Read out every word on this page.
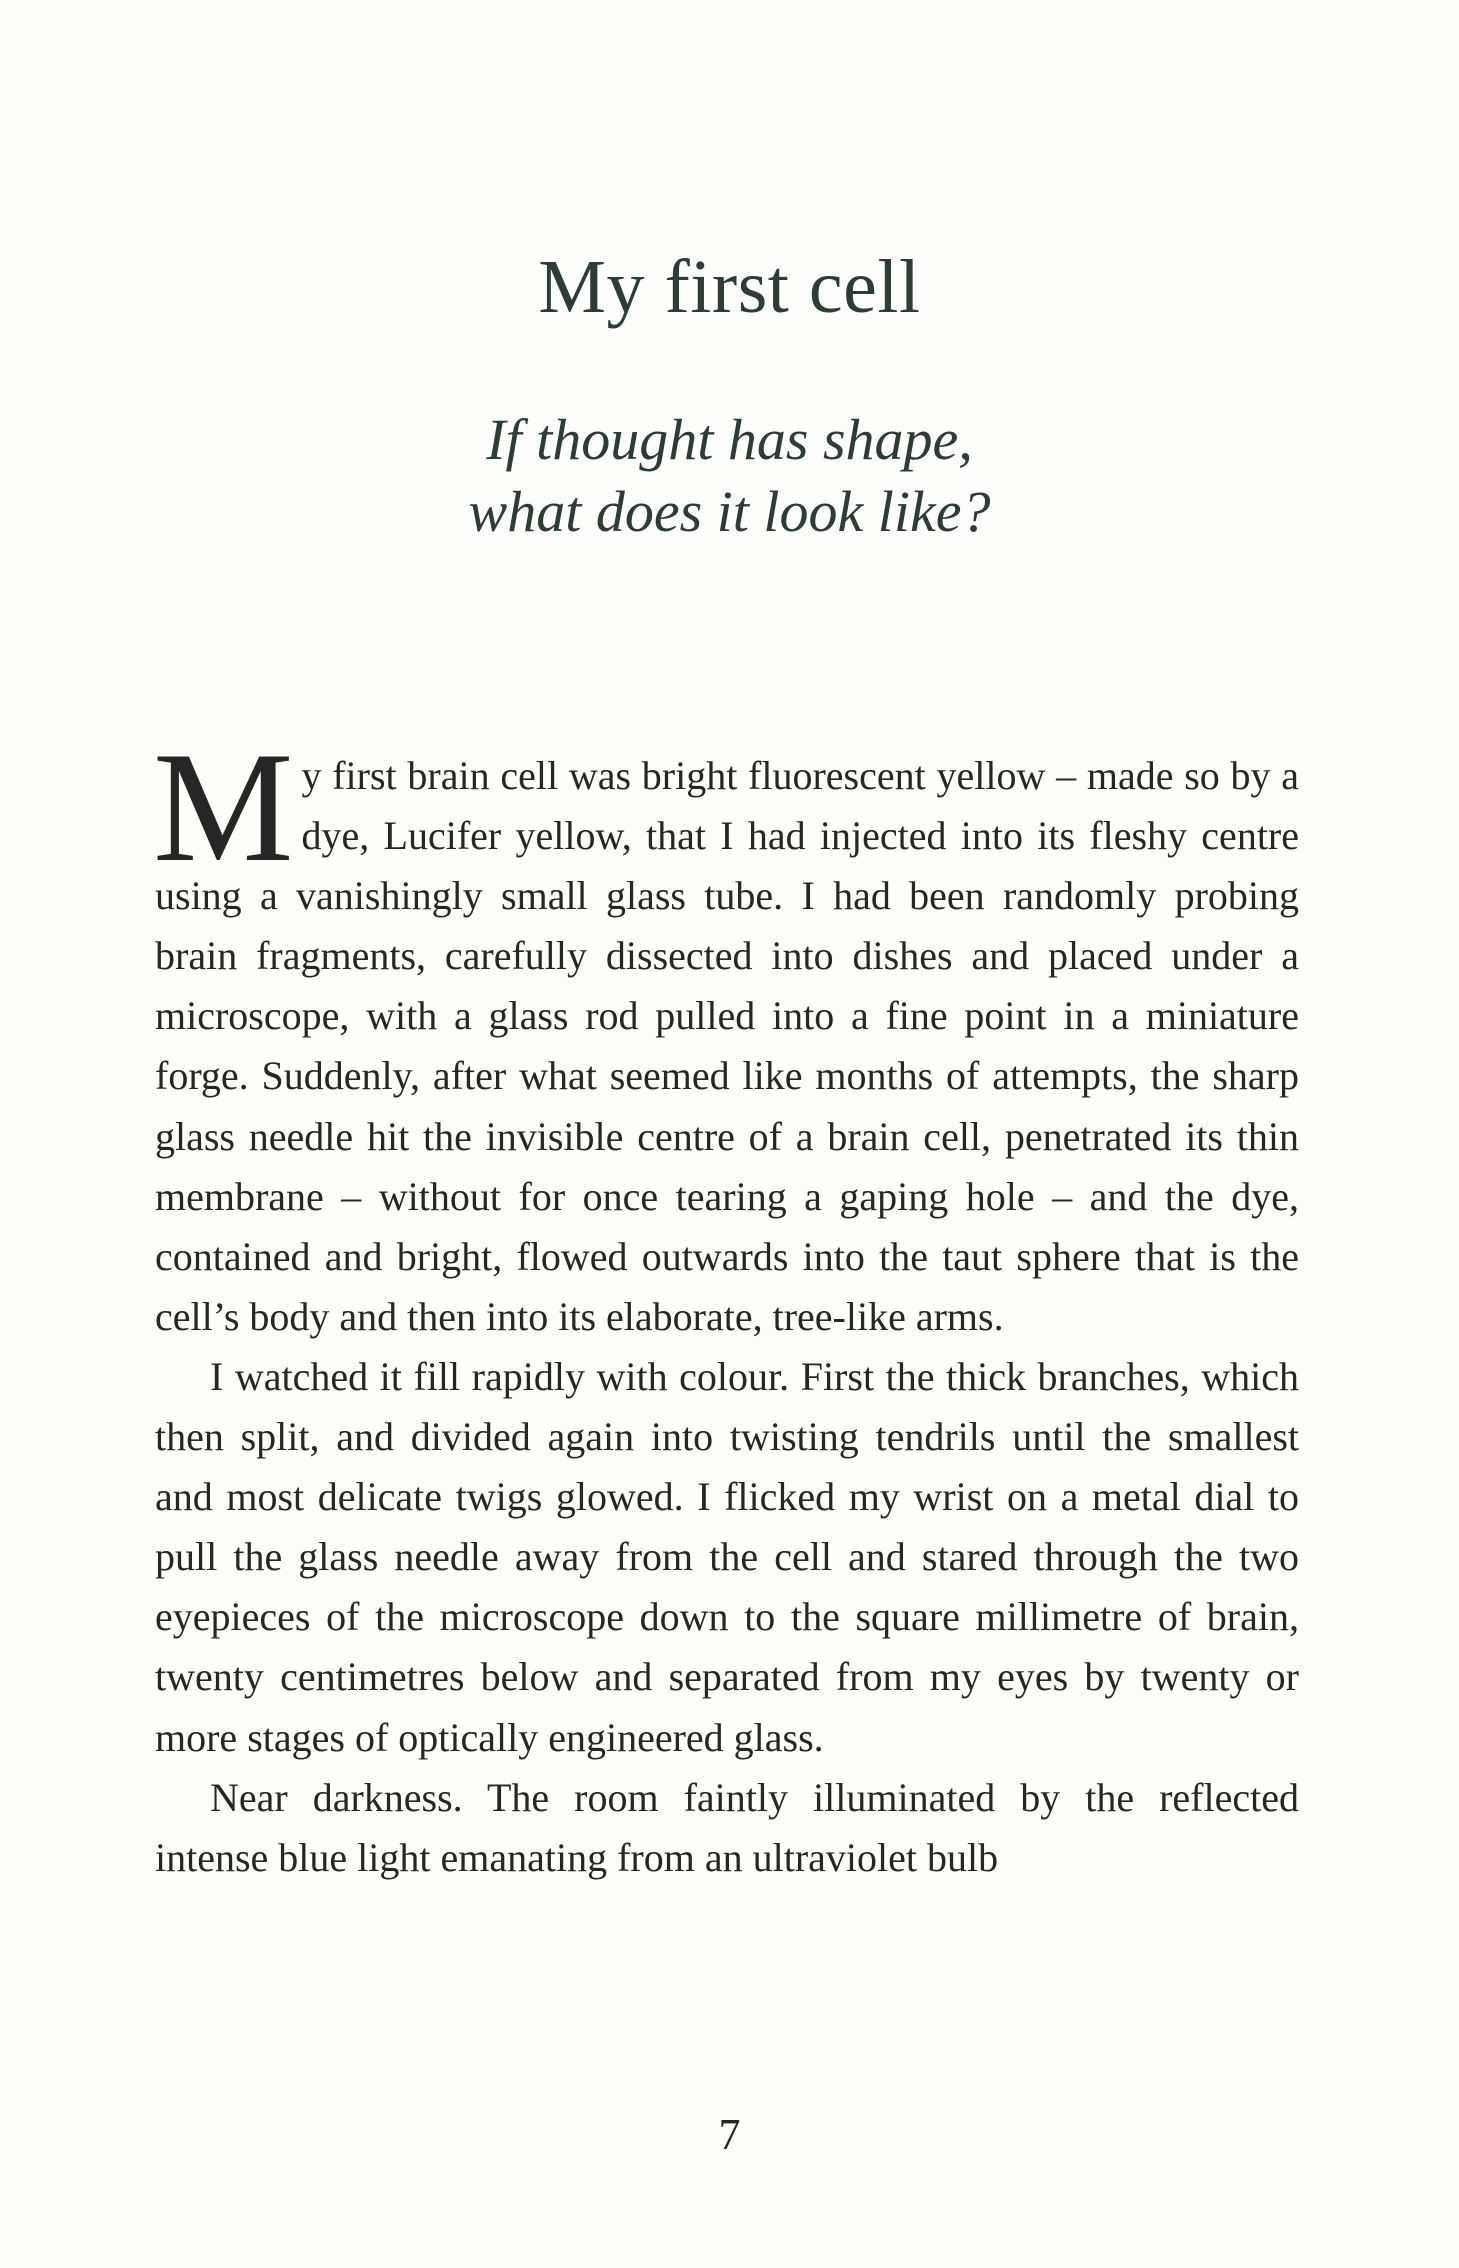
My first cell
If thought has shape,
what does it look like?

My first brain cell was bright fluorescent yellow – made so by a dye, Lucifer yellow, that I had injected into its fleshy centre using a vanishingly small glass tube. I had been randomly probing brain fragments, carefully dissected into dishes and placed under a microscope, with a glass rod pulled into a fine point in a miniature forge. Suddenly, after what seemed like months of attempts, the sharp glass needle hit the invisible centre of a brain cell, penetrated its thin membrane – without for once tearing a gaping hole – and the dye, contained and bright, flowed outwards into the taut sphere that is the cell’s body and then into its elaborate, tree-like arms.

I watched it fill rapidly with colour. First the thick branches, which then split, and divided again into twisting tendrils until the smallest and most delicate twigs glowed. I flicked my wrist on a metal dial to pull the glass needle away from the cell and stared through the two eyepieces of the microscope down to the square millimetre of brain, twenty centimetres below and separated from my eyes by twenty or more stages of optically engineered glass.

Near darkness. The room faintly illuminated by the reflected intense blue light emanating from an ultraviolet bulb

7
